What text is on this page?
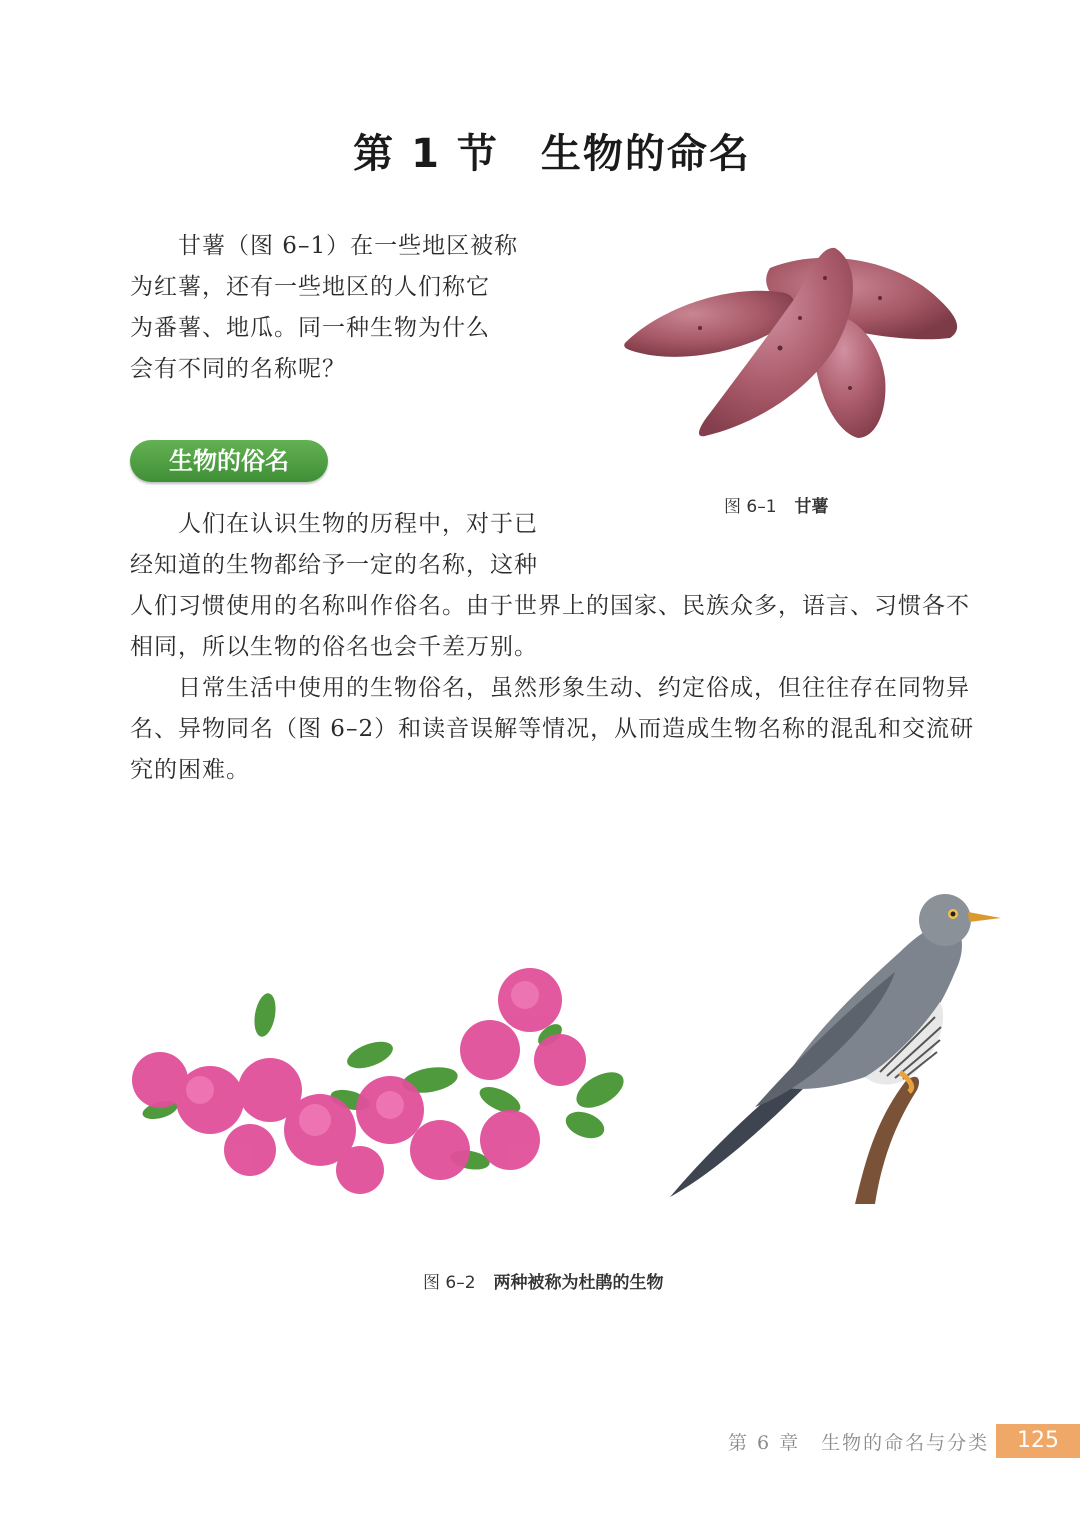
第 1 节　生物的命名

甘薯（图 6–1）在一些地区被称

为红薯，还有一些地区的人们称它

为番薯、地瓜。同一种生物为什么

会有不同的名称呢？

图 6–1 甘薯
生物的俗名

人们在认识生物的历程中，对于已

经知道的生物都给予一定的名称，这种

人们习惯使用的名称叫作俗名。由于世界上的国家、民族众多，语言、习惯各不相同，所以生物的俗名也会千差万别。

日常生活中使用的生物俗名，虽然形象生动、约定俗成，但往往存在同物异名、异物同名（图 6–2）和读音误解等情况，从而造成生物名称的混乱和交流研究的困难。

图 6–2 两种被称为杜鹃的生物
第 6 章　生物的命名与分类	125
